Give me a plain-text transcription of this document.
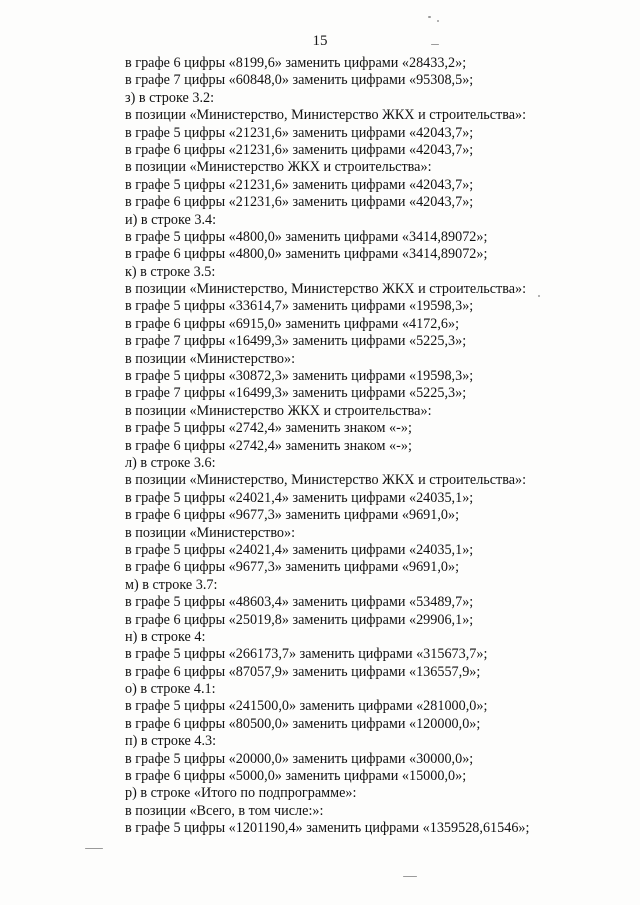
15
в графе 6 цифры «8199,6» заменить цифрами «28433,2»;
в графе 7 цифры «60848,0» заменить цифрами «95308,5»;
з) в строке 3.2:
в позиции «Министерство, Министерство ЖКХ и строительства»:
в графе 5 цифры «21231,6» заменить цифрами «42043,7»;
в графе 6 цифры «21231,6» заменить цифрами «42043,7»;
в позиции «Министерство ЖКХ и строительства»:
в графе 5 цифры «21231,6» заменить цифрами «42043,7»;
в графе 6 цифры «21231,6» заменить цифрами «42043,7»;
и) в строке 3.4:
в графе 5 цифры «4800,0» заменить цифрами «3414,89072»;
в графе 6 цифры «4800,0» заменить цифрами «3414,89072»;
к) в строке 3.5:
в позиции «Министерство, Министерство ЖКХ и строительства»:
в графе 5 цифры «33614,7» заменить цифрами «19598,3»;
в графе 6 цифры «6915,0» заменить цифрами «4172,6»;
в графе 7 цифры «16499,3» заменить цифрами «5225,3»;
в позиции «Министерство»:
в графе 5 цифры «30872,3» заменить цифрами «19598,3»;
в графе 7 цифры «16499,3» заменить цифрами «5225,3»;
в позиции «Министерство ЖКХ и строительства»:
в графе 5 цифры «2742,4» заменить знаком «-»;
в графе 6 цифры «2742,4» заменить знаком «-»;
л) в строке 3.6:
в позиции «Министерство, Министерство ЖКХ и строительства»:
в графе 5 цифры «24021,4» заменить цифрами «24035,1»;
в графе 6 цифры «9677,3» заменить цифрами «9691,0»;
в позиции «Министерство»:
в графе 5 цифры «24021,4» заменить цифрами «24035,1»;
в графе 6 цифры «9677,3» заменить цифрами «9691,0»;
м) в строке 3.7:
в графе 5 цифры «48603,4» заменить цифрами «53489,7»;
в графе 6 цифры «25019,8» заменить цифрами «29906,1»;
н) в строке 4:
в графе 5 цифры «266173,7» заменить цифрами «315673,7»;
в графе 6 цифры «87057,9» заменить цифрами «136557,9»;
о) в строке 4.1:
в графе 5 цифры «241500,0» заменить цифрами «281000,0»;
в графе 6 цифры «80500,0» заменить цифрами «120000,0»;
п) в строке 4.3:
в графе 5 цифры «20000,0» заменить цифрами «30000,0»;
в графе 6 цифры «5000,0» заменить цифрами «15000,0»;
р) в строке «Итого по подпрограмме»:
в позиции «Всего, в том числе:»:
в графе 5 цифры «1201190,4» заменить цифрами «1359528,61546»;
